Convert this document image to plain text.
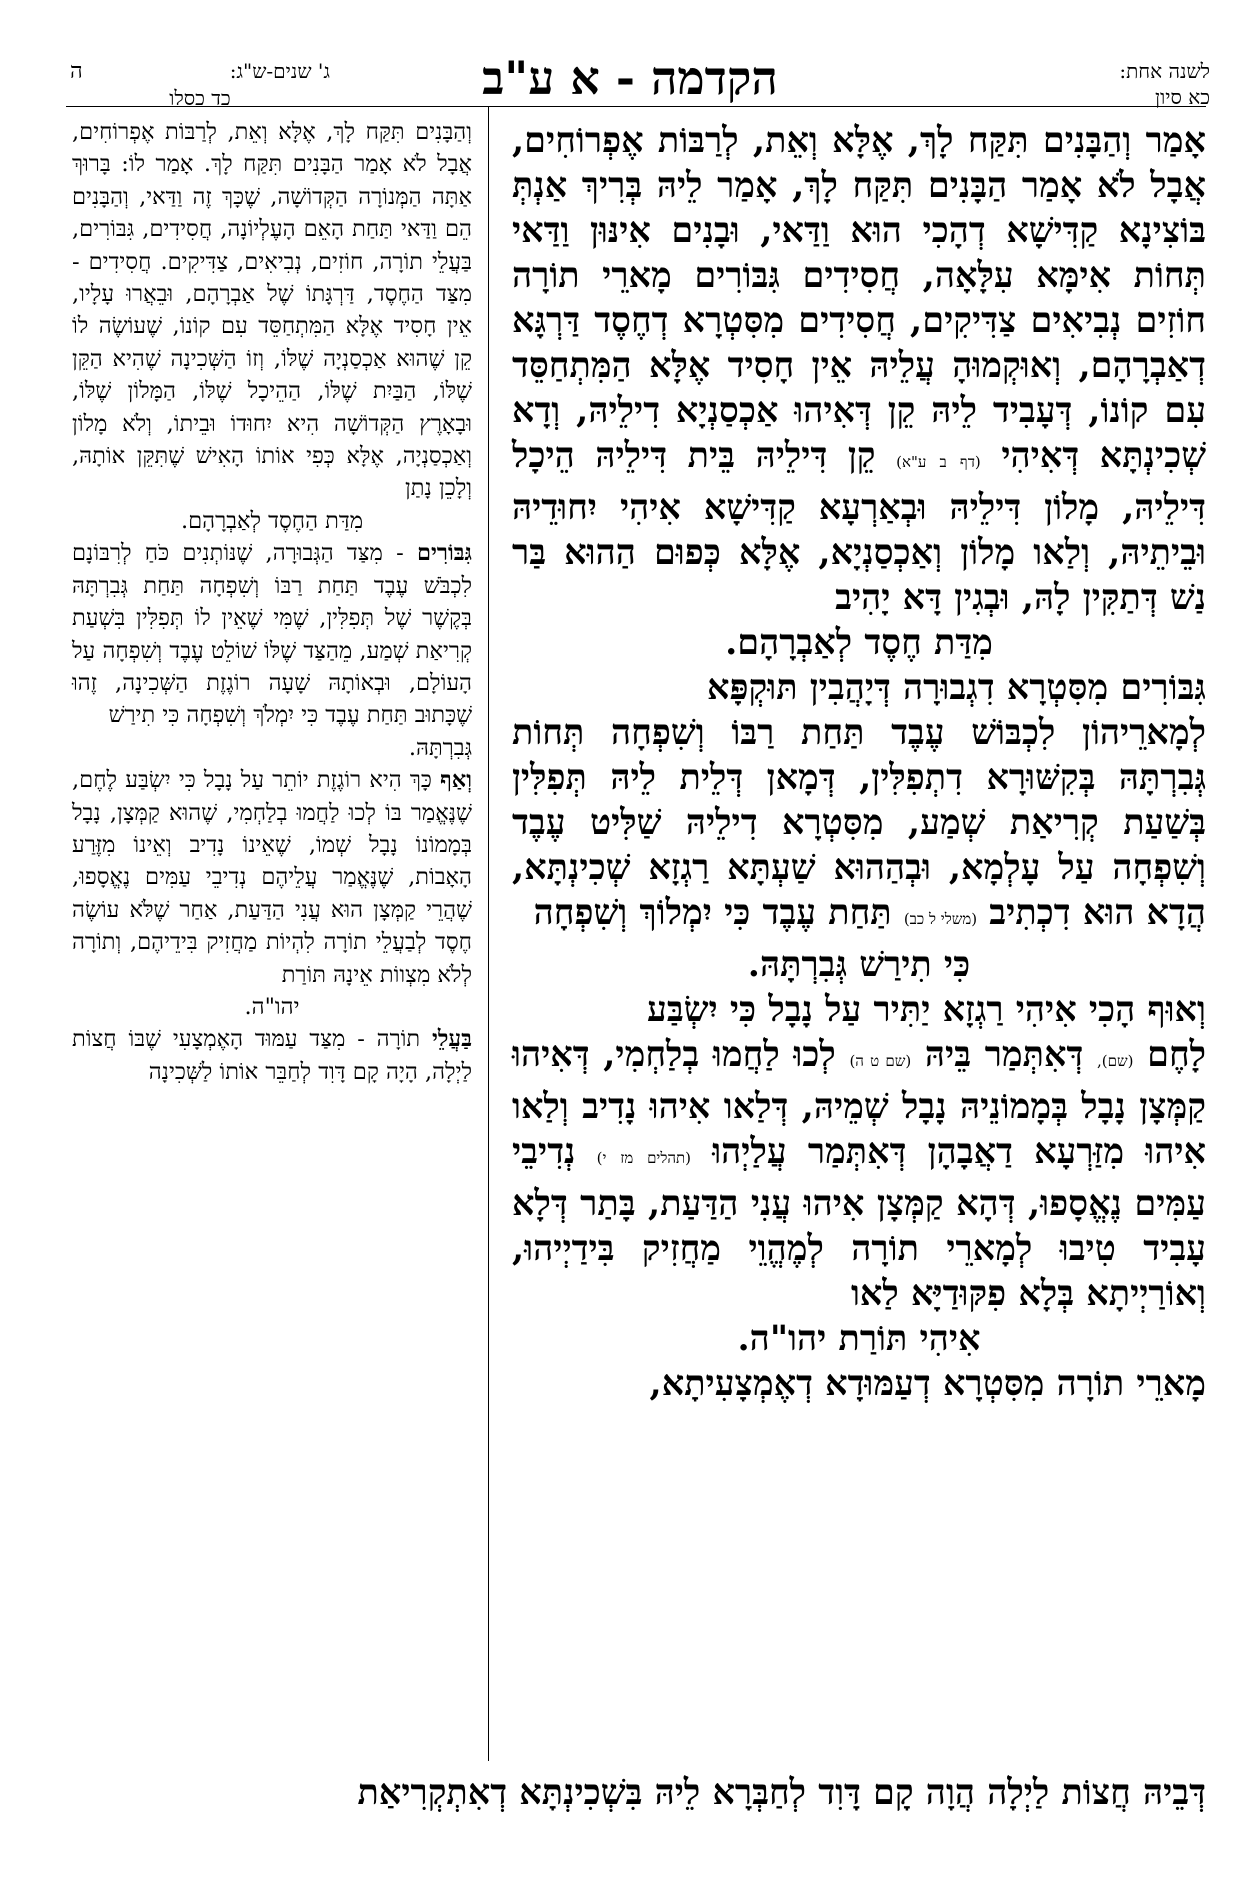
לשנה אחת:
כא סיון
הקדמה - א ע"ב
ג' שנים-ש"ג:
ה
כד כסלו

אָמַר וְהַבָּנִים תִּקַּח לָךְ, אֶלָּא וְאֵת, לְרַבּוֹת אֶפְרוֹחִים, אֲבָל לֹא אָמַר הַבָּנִים תִּקַּח לָךְ, אָמַר לֵיהּ בְּרִיךְ אַנְתְּ בּוֹצִינָא קַדִּישָׁא דְהָכִי הוּא וַדַּאי, וּבָנִים אִינּוּן וַדַּאי תְּחוֹת אִימָּא עִלָּאָה, חֲסִידִים גִּבּוֹרִים מָארֵי תוֹרָה חוֹזִים נְבִיאִים צַדִּיקִים, חֲסִידִים מִסִּטְרָא דְחֶסֶד דַּרְגָּא דְאַבְרָהָם, וְאוּקְמוּהָ עֲלֵיהּ אֵין חָסִיד אֶלָּא הַמִּתְחַסֵּד עִם קוֹנוֹ, דְּעָבִיד לֵיהּ קֵן דְּאִיהוּ אַכְסַנְיָא דִילֵיהּ, וְדָא שְׁכִינְתָּא דְּאִיהִי (דף ב ע"א) קֵן דִּילֵיהּ בֵּית דִּילֵיהּ הֵיכָל דִּילֵיהּ, מָלוֹן דִּילֵיהּ וּבְאַרְעָא קַדִּישָׁא אִיהִי יִחוּדֵיהּ וּבֵיתֵיהּ, וְלַאו מָלוֹן וְאַכְסַנְיָא, אֶלָּא כְּפוּם הַהוּא בַּר נַשׁ דְּתַקִּין לָהּ, וּבְגִין דָּא יָהִיב

מִדַּת חֶסֶד לְאַבְרָהָם.

גִּבּוֹרִים מִסִּטְרָא דִגְבוּרָה דְּיָהֲבִין תּוּקְפָּא

לְמָארֵיהוֹן לִכְבּוֹשׁ עֶבֶד תַּחַת רַבּוֹ וְשִׁפְחָה תְּחוֹת גְּבִרְתָּהּ בְּקִשּׁוּרָא דִתְפִלִּין, דְּמָאן דְּלֵית לֵיהּ תְּפִלִּין בְּשַׁעַת קְרִיאַת שְׁמַע, מִסִּטְרָא דִילֵיהּ שַׁלִּיט עֶבֶד וְשִׁפְחָה עַל עָלְמָא, וּבְהַהוּא שַׁעְתָּא רַגְזָא שְׁכִינְתָּא, הֲדָא הוּא דִכְתִיב (משלי ל כב) תַּחַת עֶבֶד כִּי יִמְלוֹךְ וְשִׁפְחָה

כִּי תִירַשׁ גְּבִרְתָּהּ.

וְאוּף הָכִי אִיהִי רַגְזָא יַתִּיר עַל נָבָל כִּי יִשְׂבַּע

לָחֶם (שם), דְּאִתְּמַר בֵּיהּ (שם ט ה) לְכוּ לַחֲמוּ בְלַחְמִי, דְּאִיהוּ קַמְּצָן נָבָל בְּמָמוֹנֵיהּ נָבָל שְׁמֵיהּ, דְּלַאו אִיהוּ נָדִיב וְלַאו אִיהוּ מִזַּרְעָא דַאֲבָהָן דְּאִתְּמַר עֲלַיְהוּ (תהלים מז י) נְדִיבֵי עַמִּים נֶאֱסָפוּ, דְּהָא קַמְּצָן אִיהוּ עֲנִי הַדַּעַת, בָּתַר דְּלָא עָבִיד טִיבוּ לְמָארֵי תוֹרָה לְמֶהֱוֵי מַחֲזִיק בִּידַיְיהוּ, וְאוֹרַיְיתָא בְּלָא פִקּוּדַיָּא לַאו

אִיהִי תּוֹרַת יהו"ה.

מָארֵי תוֹרָה מִסִּטְרָא דְעַמּוּדָא דְאֶמְצָעִיתָא,

וְהַבָּנִים תִּקַּח לָךְ, אֶלָּא וְאֵת, לְרַבּוֹת אֶפְרוֹחִים, אֲבָל לֹא אָמַר הַבָּנִים תִּקַּח לָךְ. אָמַר לוֹ: בָּרוּךְ אַתָּה הַמְּנוֹרָה הַקְּדוֹשָׁה, שֶׁכָּךְ זֶה וַדַּאי, וְהַבָּנִים הֵם וַדַּאי תַּחַת הָאֵם הָעֶלְיוֹנָה, חֲסִידִים, גִּבּוֹרִים, בַּעֲלֵי תוֹרָה, חוֹזִים, נְבִיאִים, צַדִּיקִים. חֲסִידִים - מִצַּד הַחֶסֶד, דַּרְגָּתוֹ שֶׁל אַבְרָהָם, וּבֵאֲרוּ עָלָיו, אֵין חָסִיד אֶלָּא הַמִּתְחַסֵּד עִם קוֹנוֹ, שֶׁעוֹשֶׂה לוֹ קֵן שֶׁהוּא אַכְסַנְיָה שֶׁלּוֹ, וְזוֹ הַשְּׁכִינָה שֶׁהִיא הַקֵּן שֶׁלּוֹ, הַבַּיִת שֶׁלּוֹ, הַהֵיכָל שֶׁלּוֹ, הַמָּלוֹן שֶׁלּוֹ, וּבָאָרֶץ הַקְּדוֹשָׁה הִיא יִחוּדוֹ וּבֵיתוֹ, וְלֹא מָלוֹן וְאַכְסַנְיָה, אֶלָּא כְּפִי אוֹתוֹ הָאִישׁ שֶׁתִּקֵּן אוֹתָהּ, וְלָכֵן נָתַן

מִדַּת הַחֶסֶד לְאַבְרָהָם.

גִּבּוֹרִים - מִצַּד הַגְּבוּרָה, שֶׁנּוֹתְנִים כֹּחַ לְרִבּוֹנָם לִכְבֹּשׁ עֶבֶד תַּחַת רַבּוֹ וְשִׁפְחָה תַּחַת גְּבִרְתָּהּ בְּקֶשֶׁר שֶׁל תְּפִלִּין, שֶׁמִּי שֶׁאֵין לוֹ תְּפִלִּין בִּשְׁעַת קְרִיאַת שְׁמַע, מֵהַצַּד שֶׁלּוֹ שׁוֹלֵט עֶבֶד וְשִׁפְחָה עַל הָעוֹלָם, וּבְאוֹתָהּ שָׁעָה רוֹגֶזֶת הַשְּׁכִינָה, זֶהוּ שֶׁכָּתוּב תַּחַת עֶבֶד כִּי יִמְלֹךְ וְשִׁפְחָה כִּי תִירַשׁ

גְּבִרְתָּהּ.

וְאַף כָּךְ הִיא רוֹגֶזֶת יוֹתֵר עַל נָבָל כִּי יִשְׂבַּע לֶחֶם, שֶׁנֶּאֱמַר בּוֹ לְכוּ לַחֲמוּ בְלַחְמִי, שֶׁהוּא קַמְּצָן, נָבָל בְּמָמוֹנוֹ נָבָל שְׁמוֹ, שֶׁאֵינוֹ נָדִיב וְאֵינוֹ מִזֶּרַע הָאָבוֹת, שֶׁנֶּאֱמַר עֲלֵיהֶם נְדִיבֵי עַמִּים נֶאֱסָפוּ, שֶׁהֲרֵי קַמְּצָן הוּא עֲנִי הַדַּעַת, אַחַר שֶׁלֹּא עוֹשֶׂה חֶסֶד לְבַעֲלֵי תוֹרָה לִהְיוֹת מַחֲזִיק בִּידֵיהֶם, וְתוֹרָה לְלֹא מִצְווֹת אֵינָהּ תּוֹרַת

יהו"ה.

בַּעֲלֵי תוֹרָה - מִצַּד עַמּוּד הָאֶמְצָעִי שֶׁבּוֹ חֲצוֹת לַיְלָה, הָיָה קָם דָּוִד לְחַבֵּר אוֹתוֹ לַשְּׁכִינָה

דְּבֵיהּ חֲצוֹת לַיְלָה הֲוָה קָם דָּוִד לְחַבְּרָא לֵיהּ בִּשְׁכִינְתָּא דְאִתְקְרִיאַת
